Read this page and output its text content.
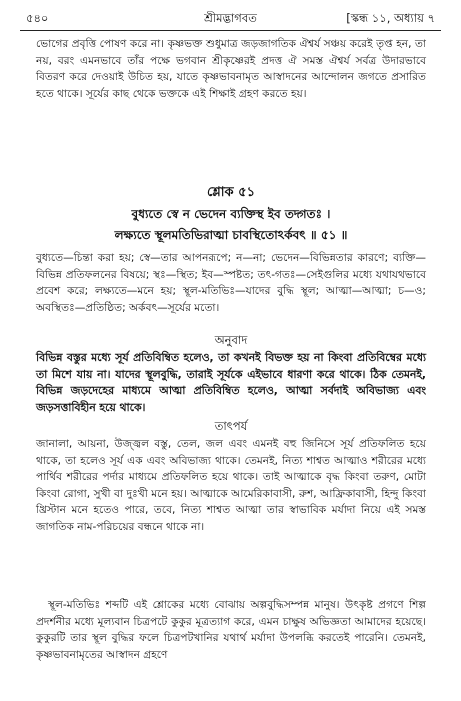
৫৪০	শ্রীমদ্ভাগবত	[স্কন্ধ ১১, অধ্যায় ৭

ভোগের প্রবৃত্তি পোষণ করে না। কৃষ্ণভক্ত শুধুমাত্র জড়জাগতিক ঐশ্বর্য সঞ্চয় করেই তৃপ্ত হন, তা নয়, বরং এমনভাবে তাঁর পক্ষে ভগবান শ্রীকৃষ্ণেরই প্রদত্ত ঐ সমস্ত ঐশ্বর্য সর্বত্র উদারভাবে বিতরণ করে দেওয়াই উচিত হয়, যাতে কৃষ্ণভাবনামৃত আস্বাদনের আন্দোলন জগতে প্রসারিত হতে থাকে। সূর্যের কাছ থেকে ভক্তকে এই শিক্ষাই গ্রহণ করতে হয়।

শ্লোক ৫১

বুধ্যতে স্বে ন ভেদেন ব্যক্তিস্থ ইব তদ্গতঃ ।

লক্ষ্যতে স্থূলমতিভিরাত্মা চাবস্থিতোঽর্কবৎ ॥ ৫১ ॥

বুধ্যতে—চিন্তা করা হয়; স্বে—তার আপনরূপে; ন—না; ভেদেন—বিভিন্নতার কারণে; ব্যক্তি—বিভিন্ন প্রতিফলনের বিষয়ে; স্থঃ—স্থিত; ইব—স্পষ্টত; তৎ-গতঃ—সেইগুলির মধ্যে যথাযথভাবে প্রবেশ করে; লক্ষ্যতে—মনে হয়; স্থূল-মতিভিঃ—যাদের বুদ্ধি স্থূল; আত্মা—আত্মা; চ—ও; অবস্থিতঃ—প্রতিষ্ঠিত; অর্কবৎ—সূর্যের মতো।

অনুবাদ

বিভিন্ন বস্তুর মধ্যে সূর্য প্রতিবিম্বিত হলেও, তা কখনই বিভক্ত হয় না কিংবা প্রতিবিম্বের মধ্যে তা মিশে যায় না। যাদের স্থূলবুদ্ধি, তারাই সূর্যকে এইভাবে ধারণা করে থাকে। ঠিক তেমনই, বিভিন্ন জড়দেহের মাধ্যমে আত্মা প্রতিবিম্বিত হলেও, আত্মা সর্বদাই অবিভাজ্য এবং জড়সত্তাবিহীন হয়ে থাকে।

তাৎপর্য

জানালা, আয়না, উজ্জ্বল বস্তু, তেল, জল এবং এমনই বহু জিনিসে সূর্য প্রতিফলিত হয়ে থাকে, তা হলেও সূর্য এক এবং অবিভাজ্য থাকে। তেমনই, নিত্য শাশ্বত আত্মাও শরীরের মধ্যে পার্থিব শরীরের পর্দার মাধ্যমে প্রতিফলিত হয়ে থাকে। তাই আত্মাকে বৃদ্ধ কিংবা তরুণ, মোটা কিংবা রোগা, সুখী বা দুঃখী মনে হয়। আত্মাকে আমেরিকাবাসী, রুশ, আফ্রিকাবাসী, হিন্দু কিংবা খ্রিস্টান মনে হতেও পারে, তবে, নিত্য শাশ্বত আত্মা তার স্বাভাবিক মর্যাদা নিয়ে এই সমস্ত জাগতিক নাম-পরিচয়ের বন্ধনে থাকে না।

স্থূল-মতিভিঃ শব্দটি এই শ্লোকের মধ্যে বোঝায় অল্পবুদ্ধিসম্পন্ন মানুষ। উৎকৃষ্ট প্রগণে শিল্প প্রদর্শনীর মধ্যে মূল্যবান চিত্রপটে কুকুর মূত্রত্যাগ করে, এমন চাক্ষুষ অভিজ্ঞতা আমাদের হয়েছে। কুকুরটি তার স্থূল বুদ্ধির ফলে চিত্রপটখানির যথার্থ মর্যাদা উপলব্ধি করতেই পারেনি। তেমনই, কৃষ্ণভাবনামৃতের আস্বাদন গ্রহণে
